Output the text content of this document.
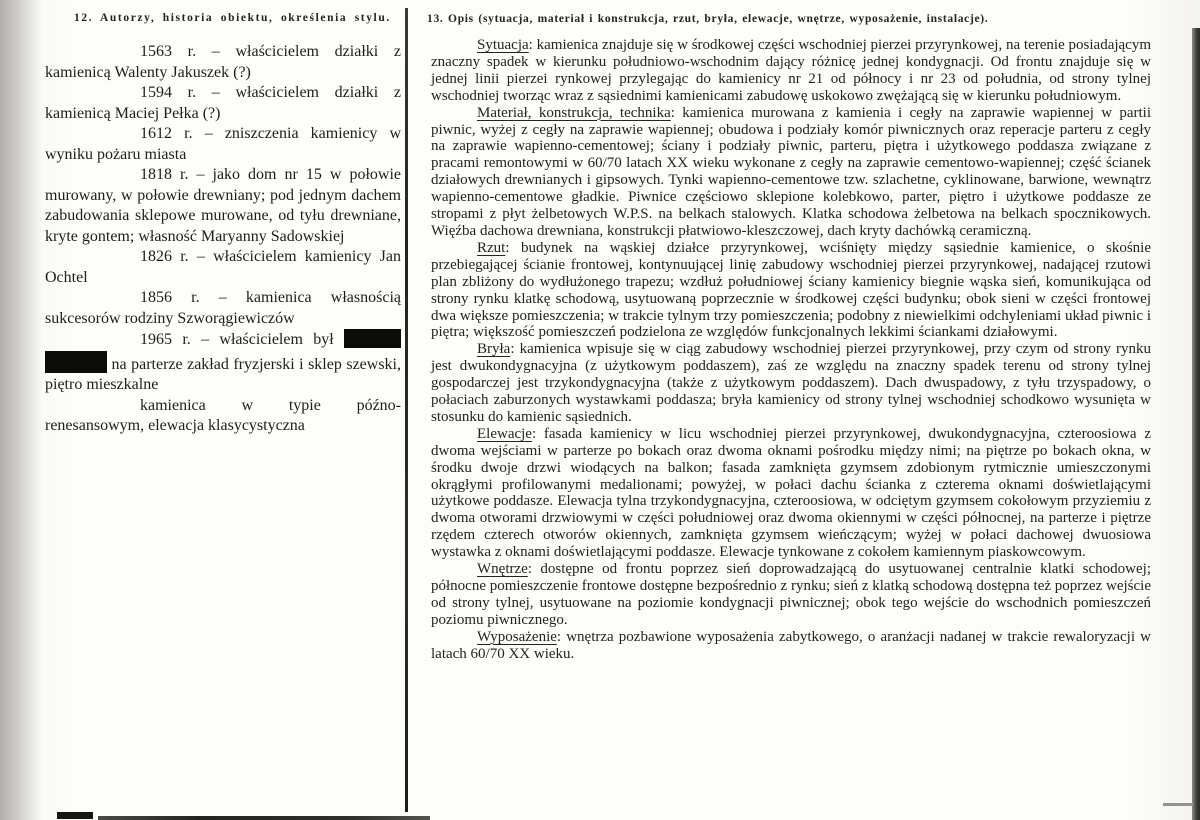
12. Autorzy, historia obiektu, określenia stylu.	13. Opis (sytuacja, materiał i konstrukcja, rzut, bryła, elewacje, wnętrze, wyposażenie, instalacje).

1563 r. – właścicielem działki z kamienicą Walenty Jakuszek (?)

1594 r. – właścicielem działki z kamienicą Maciej Pełka (?)

1612 r. – zniszczenia kamienicy w wyniku pożaru miasta

1818 r. – jako dom nr 15 w połowie murowany, w połowie drewniany; pod jednym dachem zabudowania sklepowe murowane, od tyłu drewniane, kryte gontem; własność Maryanny Sadowskiej

1826 r. – właścicielem kamienicy Jan Ochtel

1856 r. – kamienica własnością sukcesorów rodziny Szworągiewiczów

1965 r. – właścicielem był   na parterze zakład fryzjerski i sklep szewski, piętro mieszkalne

kamienica w typie późno-renesansowym, elewacja klasycystyczna

Sytuacja: kamienica znajduje się w środkowej części wschodniej pierzei przyrynkowej, na terenie posiadającym znaczny spadek w kierunku południowo-wschodnim dający różnicę jednej kondygnacji. Od frontu znajduje się w jednej linii pierzei rynkowej przylegając do kamienicy nr 21 od północy i nr 23 od południa, od strony tylnej wschodniej tworząc wraz z sąsiednimi kamienicami zabudowę uskokowo zwężającą się w kierunku południowym.

Materiał, konstrukcja, technika: kamienica murowana z kamienia i cegły na zaprawie wapiennej w partii piwnic, wyżej z cegły na zaprawie wapiennej; obudowa i podziały komór piwnicznych oraz reperacje parteru z cegły na zaprawie wapienno-cementowej; ściany i podziały piwnic, parteru, piętra i użytkowego poddasza związane z pracami remontowymi w 60/70 latach XX wieku wykonane z cegły na zaprawie cementowo-wapiennej; część ścianek działowych drewnianych i gipsowych. Tynki wapienno-cementowe tzw. szlachetne, cyklinowane, barwione, wewnątrz wapienno-cementowe gładkie. Piwnice częściowo sklepione kolebkowo, parter, piętro i użytkowe poddasze ze stropami z płyt żelbetowych W.P.S. na belkach stalowych. Klatka schodowa żelbetowa na belkach spocznikowych. Więźba dachowa drewniana, konstrukcji płatwiowo-kleszczowej, dach kryty dachówką ceramiczną.

Rzut: budynek na wąskiej działce przyrynkowej, wciśnięty między sąsiednie kamienice, o skośnie przebiegającej ścianie frontowej, kontynuującej linię zabudowy wschodniej pierzei przyrynkowej, nadającej rzutowi plan zbliżony do wydłużonego trapezu; wzdłuż południowej ściany kamienicy biegnie wąska sień, komunikująca od strony rynku klatkę schodową, usytuowaną poprzecznie w środkowej części budynku; obok sieni w części frontowej dwa większe pomieszczenia; w trakcie tylnym trzy pomieszczenia; podobny z niewielkimi odchyleniami układ piwnic i piętra; większość pomieszczeń podzielona ze względów funkcjonalnych lekkimi ściankami działowymi.

Bryła: kamienica wpisuje się w ciąg zabudowy wschodniej pierzei przyrynkowej, przy czym od strony rynku jest dwukondygnacyjna (z użytkowym poddaszem), zaś ze względu na znaczny spadek terenu od strony tylnej gospodarczej jest trzykondygnacyjna (także z użytkowym poddaszem). Dach dwuspadowy, z tyłu trzyspadowy, o połaciach zaburzonych wystawkami poddasza; bryła kamienicy od strony tylnej wschodniej schodkowo wysunięta w stosunku do kamienic sąsiednich.

Elewacje: fasada kamienicy w licu wschodniej pierzei przyrynkowej, dwukondygnacyjna, czteroosiowa z dwoma wejściami w parterze po bokach oraz dwoma oknami pośrodku między nimi; na piętrze po bokach okna, w środku dwoje drzwi wiodących na balkon; fasada zamknięta gzymsem zdobionym rytmicznie umieszczonymi okrągłymi profilowanymi medalionami; powyżej, w połaci dachu ścianka z czterema oknami doświetlającymi użytkowe poddasze. Elewacja tylna trzykondygnacyjna, czteroosiowa, w odciętym gzymsem cokołowym przyziemiu z dwoma otworami drzwiowymi w części południowej oraz dwoma okiennymi w części północnej, na parterze i piętrze rzędem czterech otworów okiennych, zamknięta gzymsem wieńczącym; wyżej w połaci dachowej dwuosiowa wystawka z oknami doświetlającymi poddasze. Elewacje tynkowane z cokołem kamiennym piaskowcowym.

Wnętrze: dostępne od frontu poprzez sień doprowadzającą do usytuowanej centralnie klatki schodowej; północne pomieszczenie frontowe dostępne bezpośrednio z rynku; sień z klatką schodową dostępna też poprzez wejście od strony tylnej, usytuowane na poziomie kondygnacji piwnicznej; obok tego wejście do wschodnich pomieszczeń poziomu piwnicznego.

Wyposażenie: wnętrza pozbawione wyposażenia zabytkowego, o aranżacji nadanej w trakcie rewaloryzacji w latach 60/70 XX wieku.
